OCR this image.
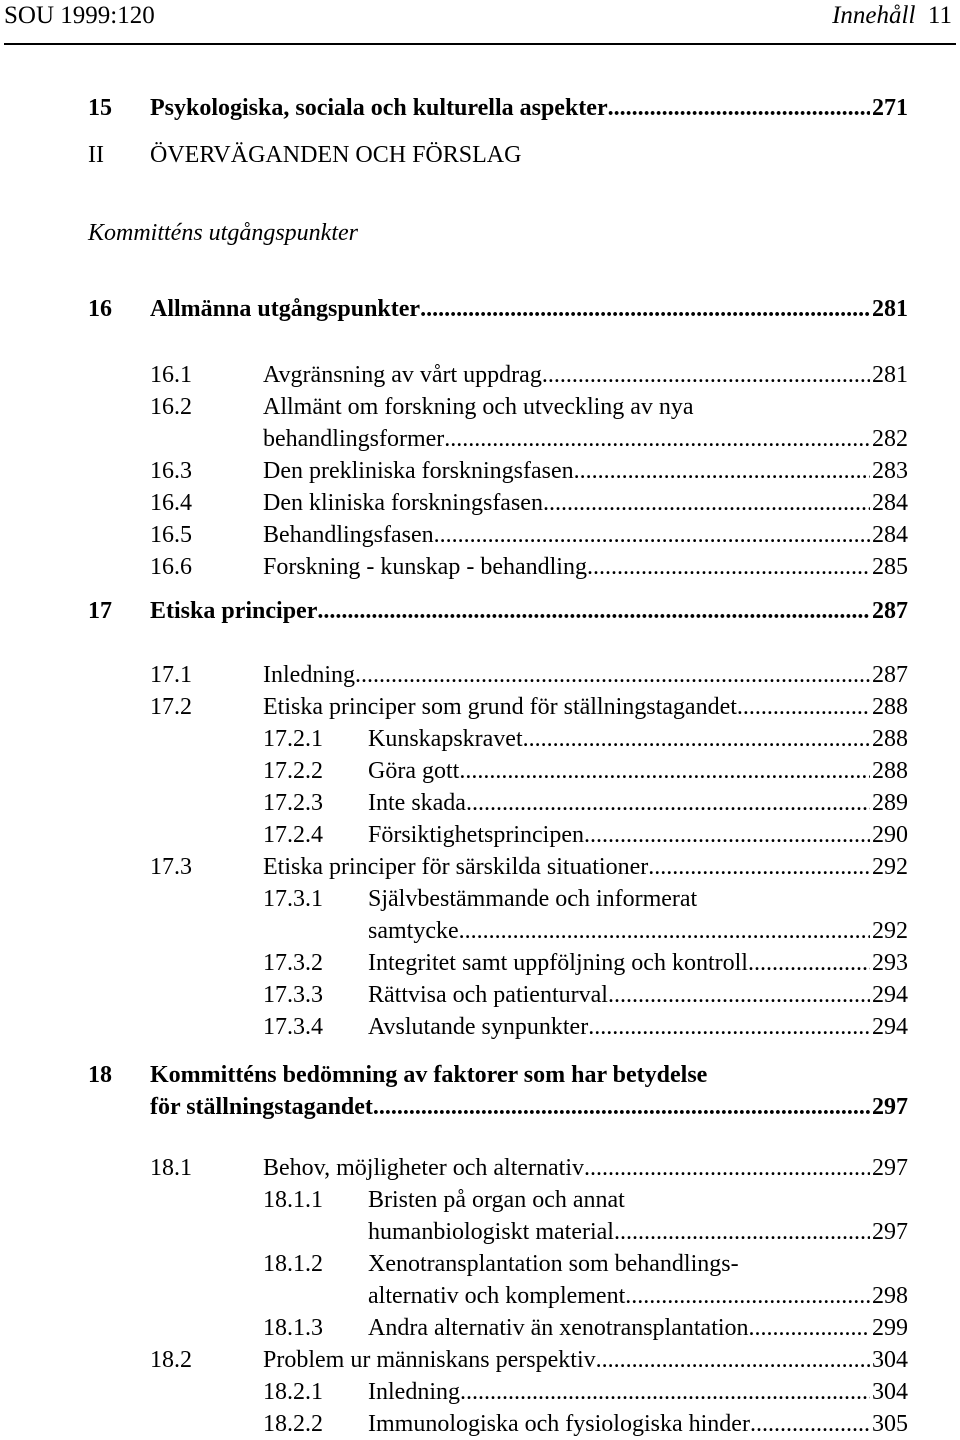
SOU 1999:120	Innehåll 11
15 Psykologiska, sociala och kulturella aspekter .....	271
II ÖVERVÄGANDEN OCH FÖRSLAG
Kommitténs utgångspunkter
16 Allmänna utgångspunkter .....	281
16.1	Avgränsning av vårt uppdrag .....	281
16.2	Allmänt om forskning och utveckling av nya
behandlingsformer .....	282
16.3	Den prekliniska forskningsfasen .....	283
16.4	Den kliniska forskningsfasen .....	284
16.5	Behandlingsfasen .....	284
16.6	Forskning - kunskap - behandling .....	285
17 Etiska principer .....	287
17.1	Inledning .....	287
17.2	Etiska principer som grund för ställningstagandet .....	288
17.2.1 Kunskapskravet .....	288
17.2.2 Göra gott .....	288
17.2.3 Inte skada .....	289
17.2.4 Försiktighetsprincipen .....	290
17.3	Etiska principer för särskilda situationer .....	292
17.3.1 Självbestämmande och informerat
samtycke .....	292
17.3.2 Integritet samt uppföljning och kontroll .....	293
17.3.3 Rättvisa och patienturval .....	294
17.3.4 Avslutande synpunkter .....	294
18 Kommitténs bedömning av faktorer som har betydelse
för ställningstagandet .....	297
18.1	Behov, möjligheter och alternativ .....	297
18.1.1 Bristen på organ och annat
humanbiologiskt material .....	297
18.1.2 Xenotransplantation som behandlings-
alternativ och komplement .....	298
18.1.3 Andra alternativ än xenotransplantation .....	299
18.2	Problem ur människans perspektiv .....	304
18.2.1 Inledning .....	304
18.2.2 Immunologiska och fysiologiska hinder .....	305
